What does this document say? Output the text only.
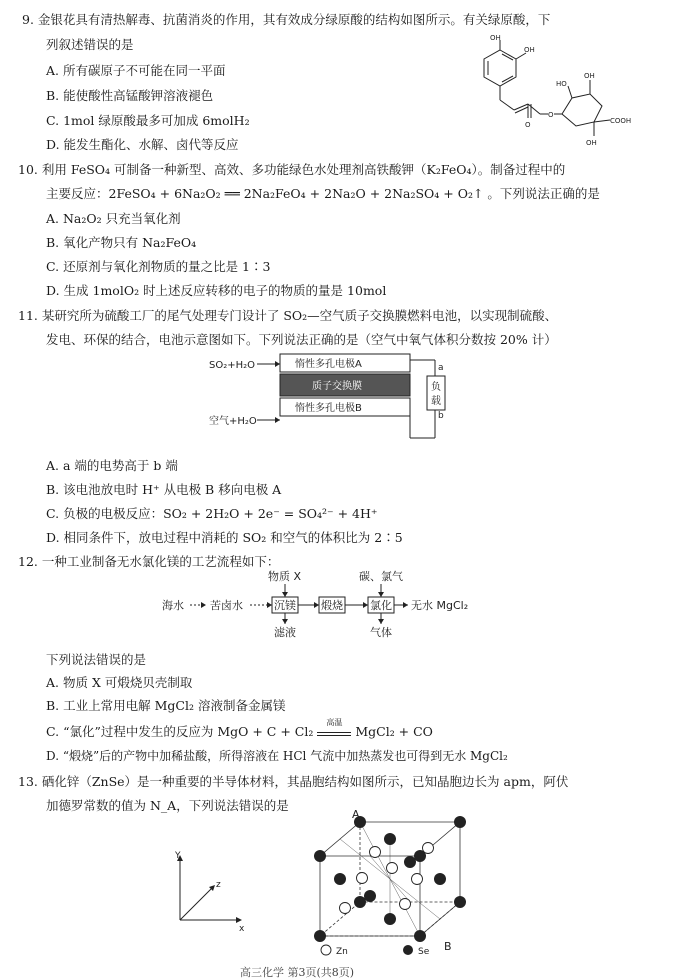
9. 金银花具有清热解毒、抗菌消炎的作用，其有效成分绿原酸的结构如图所示。有关绿原酸，下
列叙述错误的是
A. 所有碳原子不可能在同一平面
B. 能使酸性高锰酸钾溶液褪色
C. 1mol 绿原酸最多可加成 6molH₂
D. 能发生酯化、水解、卤代等反应
OH
OH
HO
OH
O
O
OH
COOH
10. 利用 FeSO₄ 可制备一种新型、高效、多功能绿色水处理剂高铁酸钾（K₂FeO₄）。制备过程中的
主要反应：2FeSO₄ + 6Na₂O₂ ══ 2Na₂FeO₄ + 2Na₂O + 2Na₂SO₄ + O₂↑ 。下列说法正确的是
A. Na₂O₂ 只充当氧化剂
B. 氧化产物只有 Na₂FeO₄
C. 还原剂与氧化剂物质的量之比是 1∶3
D. 生成 1molO₂ 时上述反应转移的电子的物质的量是 10mol
11. 某研究所为硫酸工厂的尾气处理专门设计了 SO₂—空气质子交换膜燃料电池，以实现制硫酸、
发电、环保的结合，电池示意图如下。下列说法正确的是（空气中氧气体积分数按 20% 计）
SO₂+H₂O
空气+H₂O
惰性多孔电极A
质子交换膜
惰性多孔电极B
负
载
a
b
A. a 端的电势高于 b 端
B. 该电池放电时 H⁺ 从电极 B 移向电极 A
C. 负极的电极反应：SO₂ + 2H₂O + 2e⁻ = SO₄²⁻ + 4H⁺
D. 相同条件下，放电过程中消耗的 SO₂ 和空气的体积比为 2∶5
12. 一种工业制备无水氯化镁的工艺流程如下：
物质 X	碳、氯气
海水 苦卤水	沉镁 煅烧 氯化 无水 MgCl₂
滤液	气体
下列说法错误的是
A. 物质 X 可煅烧贝壳制取
B. 工业上常用电解 MgCl₂ 溶液制备金属镁
C. “氯化”过程中发生的反应为 MgO + C + Cl₂
高温
MgCl₂ + CO
D. “煅烧”后的产物中加稀盐酸，所得溶液在 HCl 气流中加热蒸发也可得到无水 MgCl₂
13. 硒化锌（ZnSe）是一种重要的半导体材料，其晶胞结构如图所示，已知晶胞边长为 apm，阿伏
加德罗常数的值为 N_A，下列说法错误的是
Y
z
x
A
B
Zn	Se
高三化学 第3页(共8页)
